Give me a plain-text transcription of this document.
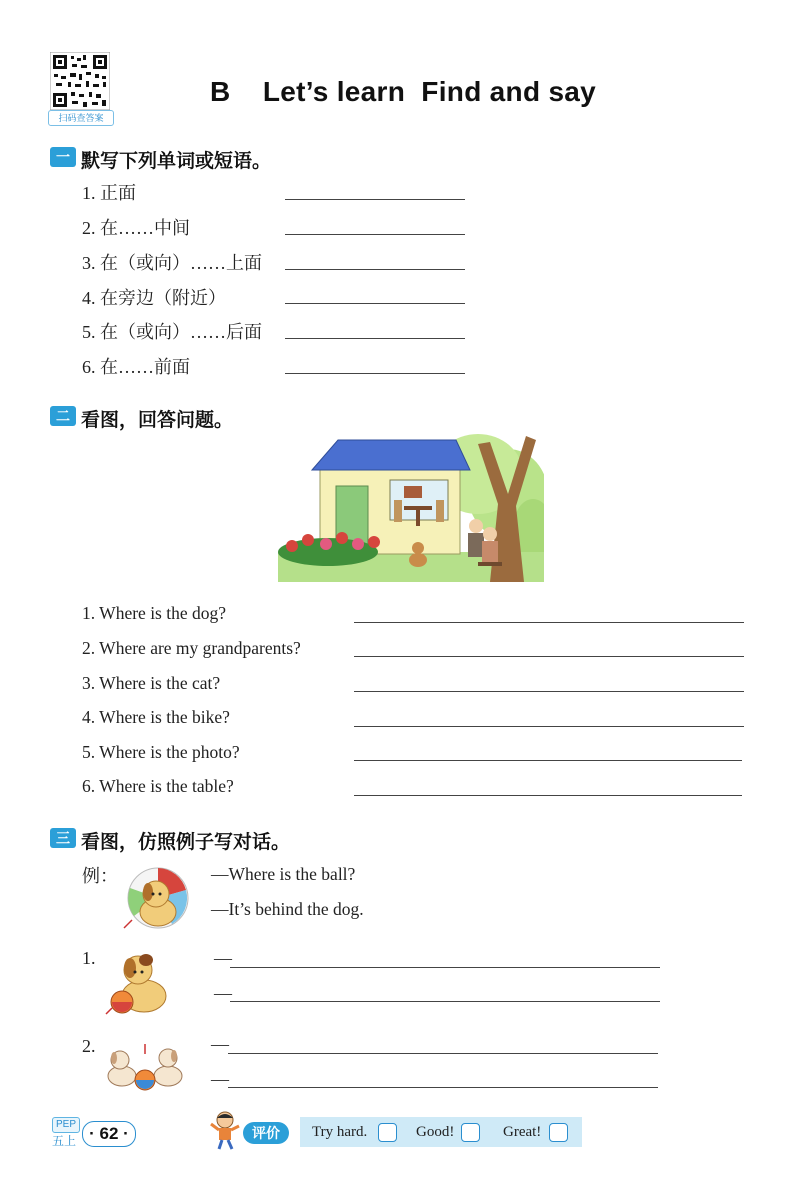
扫码查答案
B    Let’s learn  Find and say
一 默写下列单词或短语。
1. 正面
2. 在……中间
3. 在（或向）……上面
4. 在旁边（附近）
5. 在（或向）……后面
6. 在……前面
二 看图，回答问题。
1. Where is the dog?
2. Where are my grandparents?
3. Where is the cat?
4. Where is the bike?
5. Where is the photo?
6. Where is the table?
三 看图，仿照例子写对话。
例：	—Where is the ball?
—It’s behind the dog.
1.	—
—
2.	—
—
PEP
五上 · 62 ·	评价	Try hard.	Good!	Great!
